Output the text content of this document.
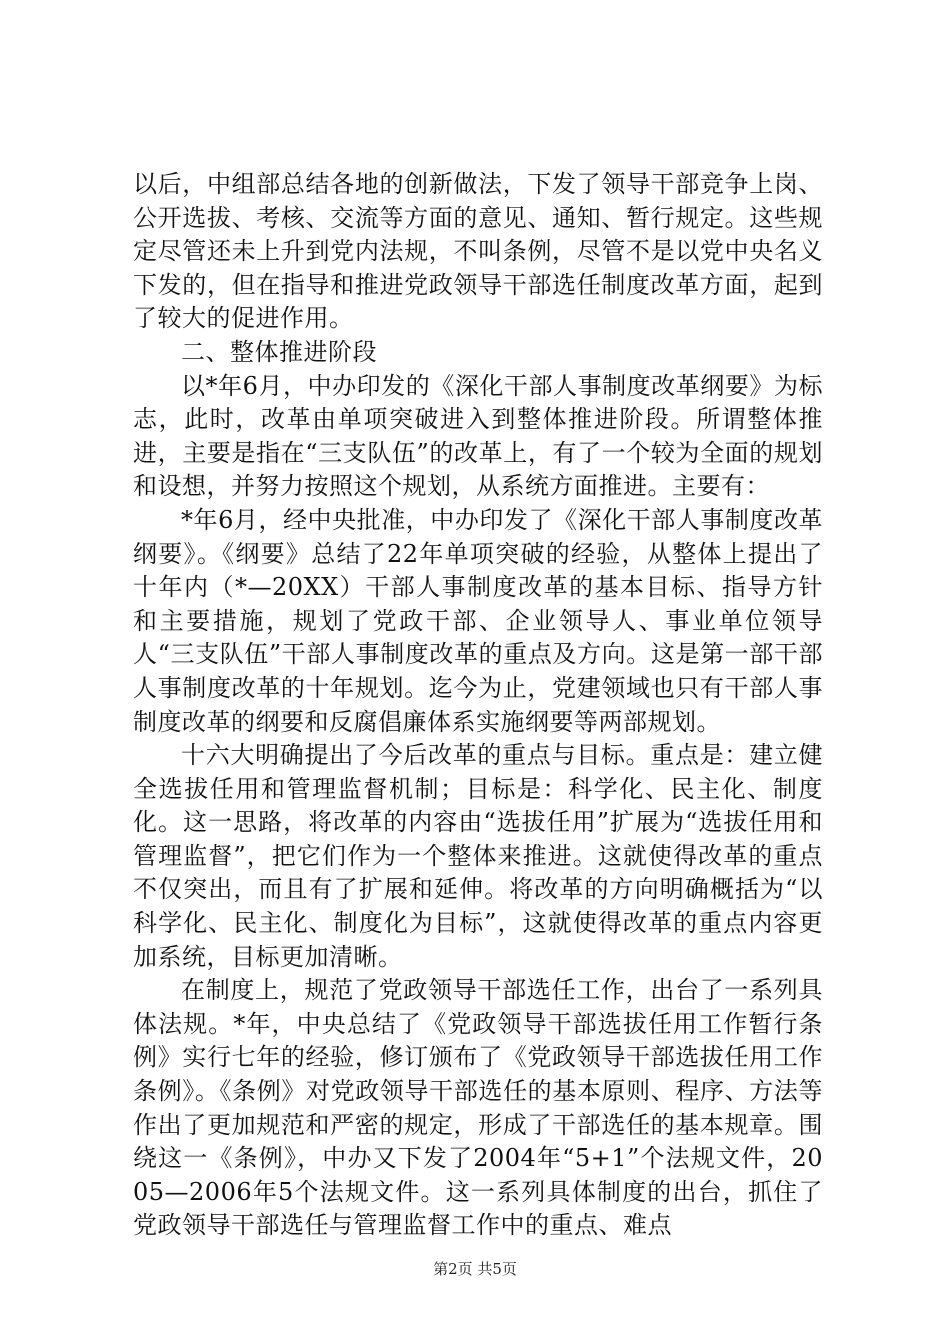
以后，中组部总结各地的创新做法，下发了领导干部竞争上岗、公开选拔、考核、交流等方面的意见、通知、暂行规定。这些规定尽管还未上升到党内法规，不叫条例，尽管不是以党中央名义下发的，但在指导和推进党政领导干部选任制度改革方面，起到了较大的促进作用。

二、整体推进阶段

以*年6月，中办印发的《深化干部人事制度改革纲要》为标志，此时，改革由单项突破进入到整体推进阶段。所谓整体推进，主要是指在“三支队伍”的改革上，有了一个较为全面的规划和设想，并努力按照这个规划，从系统方面推进。主要有：

*年6月，经中央批准，中办印发了《深化干部人事制度改革纲要》。《纲要》总结了22年单项突破的经验，从整体上提出了十年内（*—20XX）干部人事制度改革的基本目标、指导方针和主要措施，规划了党政干部、企业领导人、事业单位领导人“三支队伍”干部人事制度改革的重点及方向。这是第一部干部人事制度改革的十年规划。迄今为止，党建领域也只有干部人事制度改革的纲要和反腐倡廉体系实施纲要等两部规划。

十六大明确提出了今后改革的重点与目标。重点是：建立健全选拔任用和管理监督机制；目标是：科学化、民主化、制度化。这一思路，将改革的内容由“选拔任用”扩展为“选拔任用和管理监督”，把它们作为一个整体来推进。这就使得改革的重点不仅突出，而且有了扩展和延伸。将改革的方向明确概括为“以科学化、民主化、制度化为目标”，这就使得改革的重点内容更加系统，目标更加清晰。

在制度上，规范了党政领导干部选任工作，出台了一系列具体法规。*年，中央总结了《党政领导干部选拔任用工作暂行条例》实行七年的经验，修订颁布了《党政领导干部选拔任用工作条例》。《条例》对党政领导干部选任的基本原则、程序、方法等作出了更加规范和严密的规定，形成了干部选任的基本规章。围绕这一《条例》，中办又下发了2004年“5+1”个法规文件，2005—2006年5个法规文件。这一系列具体制度的出台，抓住了党政领导干部选任与管理监督工作中的重点、难点

第2页 共5页
